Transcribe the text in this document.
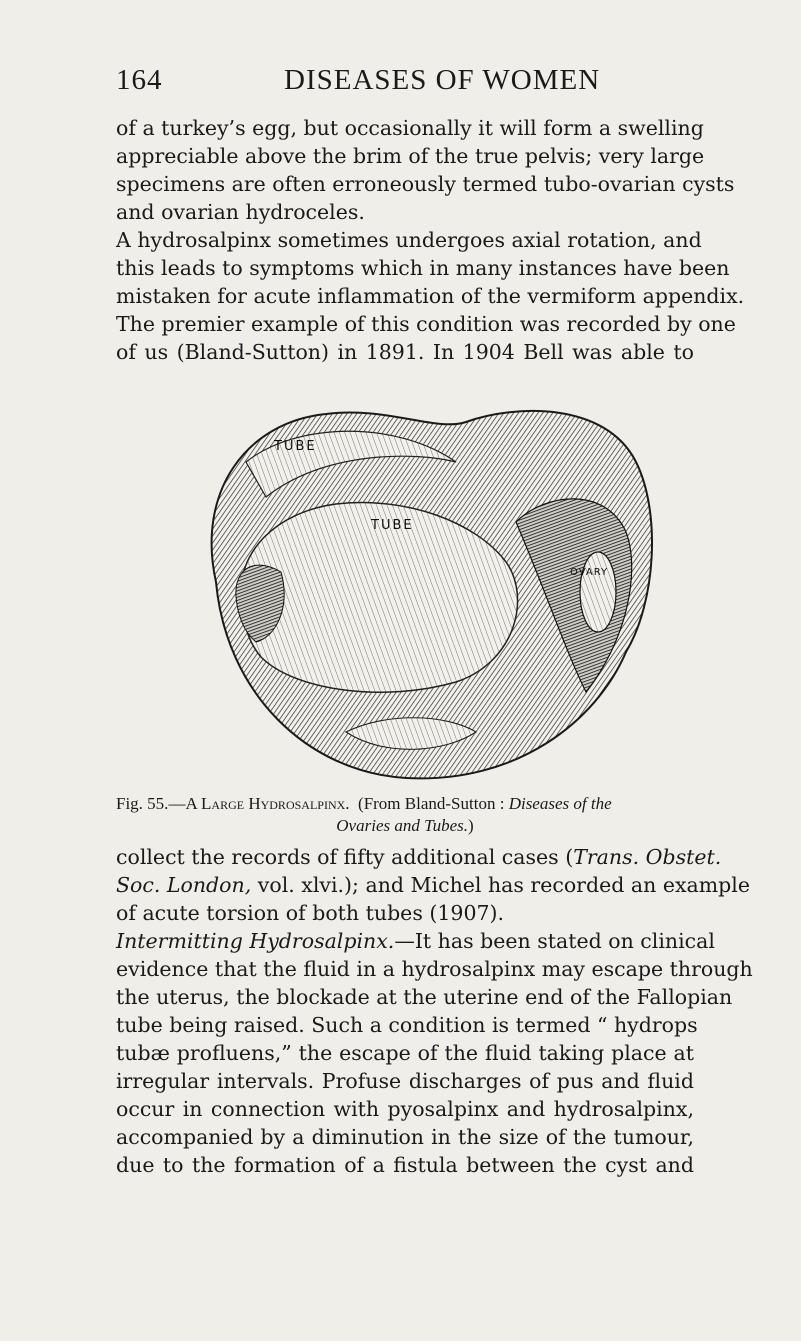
164	DISEASES OF WOMEN
of a turkey’s egg, but occasionally it will form a swelling
appreciable above the brim of the true pelvis; very large
specimens are often erroneously termed tubo-ovarian cysts
and ovarian hydroceles.
A hydrosalpinx sometimes undergoes axial rotation, and
this leads to symptoms which in many instances have been
mistaken for acute inflammation of the vermiform appendix.
The premier example of this condition was recorded by one
of us (Bland-Sutton) in 1891. In 1904 Bell was able to
TUBE
TUBE
OVARY
Fig. 55.—A Large Hydrosalpinx. (From Bland-Sutton : Diseases of the
Ovaries and Tubes.)
collect the records of fifty additional cases (Trans. Obstet.
Soc. London, vol. xlvi.); and Michel has recorded an example
of acute torsion of both tubes (1907).
Intermitting Hydrosalpinx.—It has been stated on clinical
evidence that the fluid in a hydrosalpinx may escape through
the uterus, the blockade at the uterine end of the Fallopian
tube being raised. Such a condition is termed “ hydrops
tubæ profluens,” the escape of the fluid taking place at
irregular intervals. Profuse discharges of pus and fluid
occur in connection with pyosalpinx and hydrosalpinx,
accompanied by a diminution in the size of the tumour,
due to the formation of a fistula between the cyst and
